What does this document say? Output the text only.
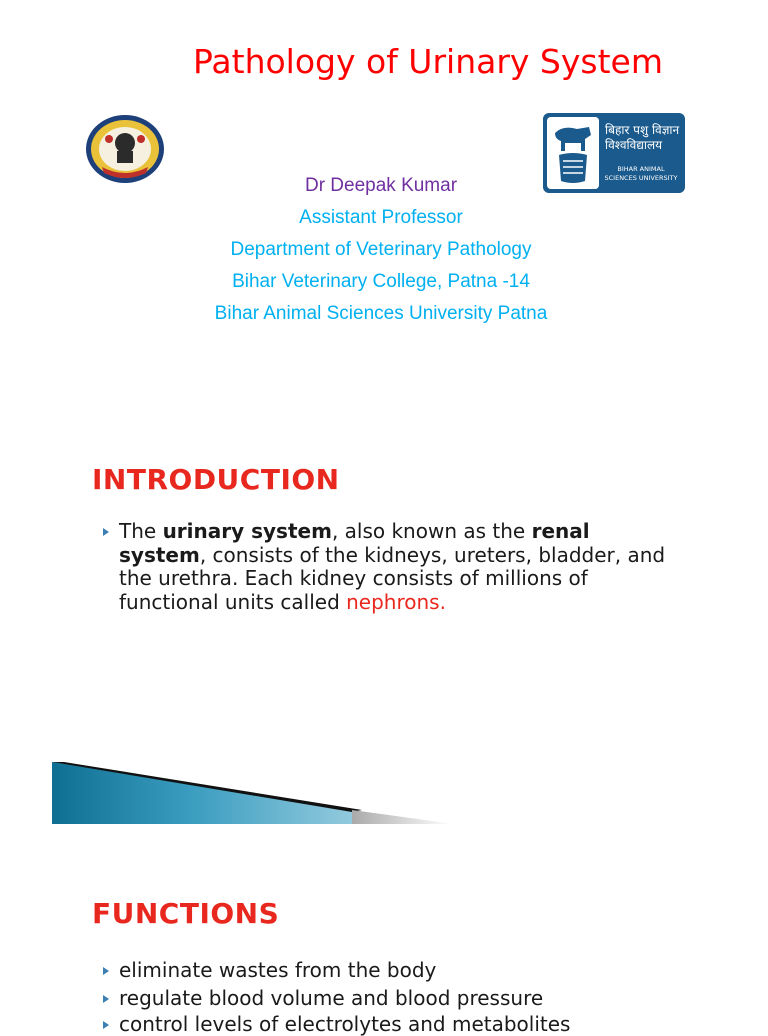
Pathology of Urinary System
बिहार पशु विज्ञान
विश्वविद्यालय
BIHAR ANIMAL SCIENCES UNIVERSITY
Dr Deepak Kumar
Assistant Professor
Department of Veterinary Pathology
Bihar Veterinary College, Patna -14
Bihar Animal Sciences University Patna
INTRODUCTION
The urinary system, also known as the renal system, consists of the kidneys, ureters, bladder, and the urethra. Each kidney consists of millions of functional units called nephrons.
FUNCTIONS
eliminate wastes from the body
regulate blood volume and blood pressure
control levels of electrolytes and metabolites
